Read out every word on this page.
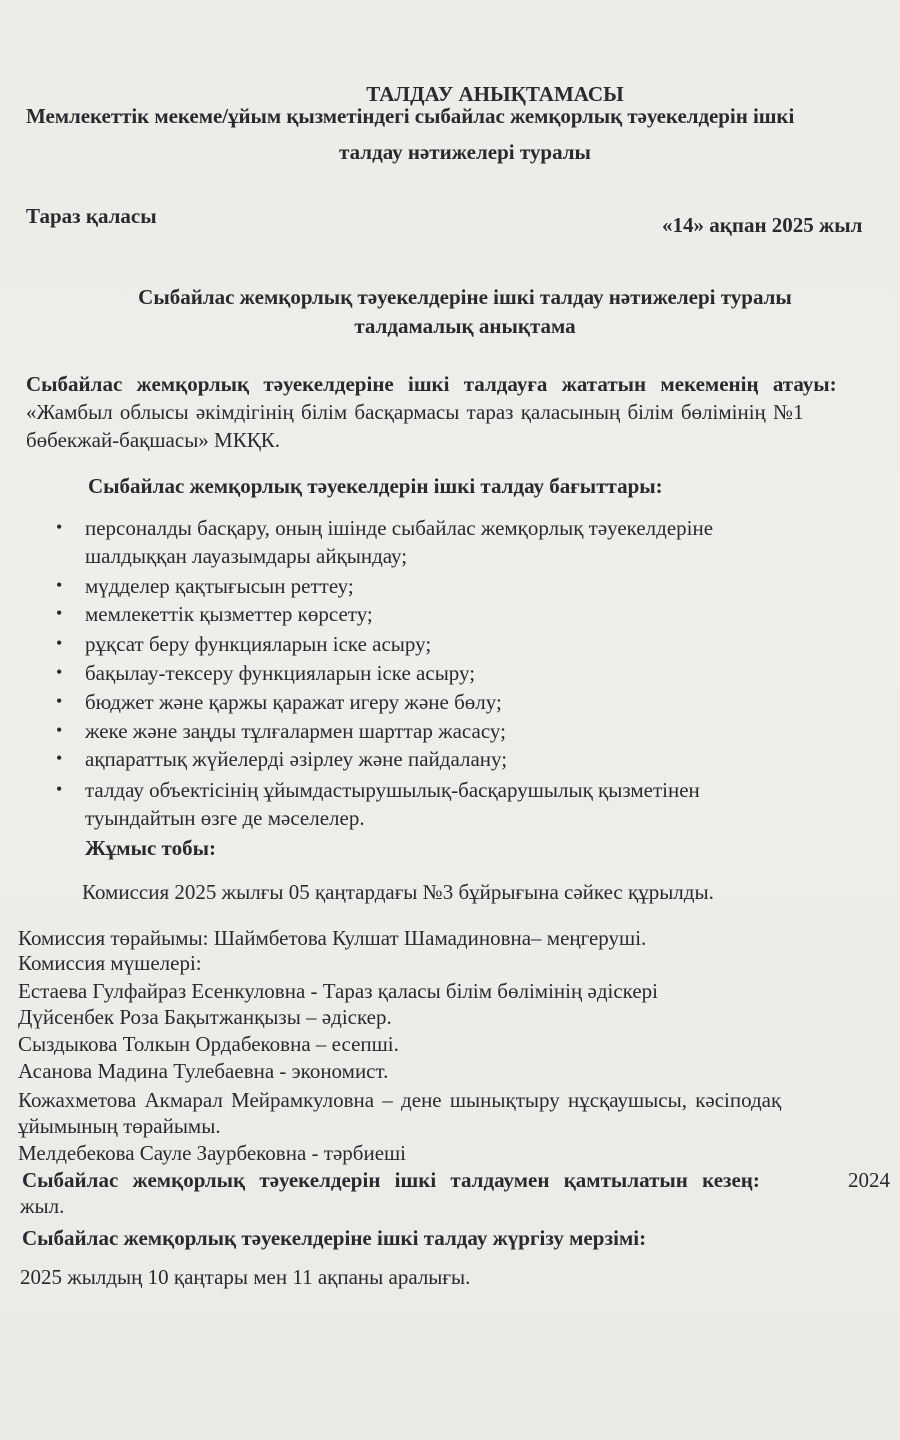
ТАЛДАУ АНЫҚТАМАСЫ
Мемлекеттік мекеме/ұйым қызметіндегі сыбайлас жемқорлық тәуекелдерін ішкі
талдау нәтижелері туралы
Тараз қаласы	«14» ақпан 2025 жыл
Сыбайлас жемқорлық тәуекелдеріне ішкі талдау нәтижелері туралы
талдамалық анықтама
Сыбайлас жемқорлық тәуекелдеріне ішкі талдауға жататын мекеменің атауы:
«Жамбыл облысы әкімдігінің білім басқармасы тараз қаласының білім бөлімінің №1
бөбекжай-бақшасы» МКҚК.
Сыбайлас жемқорлық тәуекелдерін ішкі талдау бағыттары:
• персоналды басқару, оның ішінде сыбайлас жемқорлық тәуекелдеріне
шалдыққан лауазымдары айқындау;
• мүдделер қақтығысын реттеу;
• мемлекеттік қызметтер көрсету;
• рұқсат беру функцияларын іске асыру;
• бақылау-тексеру функцияларын іске асыру;
• бюджет және қаржы қаражат игеру және бөлу;
• жеке және заңды тұлғалармен шарттар жасасу;
• ақпараттық жүйелерді әзірлеу және пайдалану;
• талдау объектісінің ұйымдастырушылық-басқарушылық қызметінен
туындайтын өзге де мәселелер.
Жұмыс тобы:
Комиссия 2025 жылғы 05 қаңтардағы №3 бұйрығына сәйкес құрылды.
Комиссия төрайымы: Шаймбетова Кулшат Шамадиновна– меңгеруші.
Комиссия мүшелері:
Естаева Гулфайраз Есенкуловна - Тараз қаласы білім бөлімінің әдіскері
Дүйсенбек Роза Бақытжанқызы – әдіскер.
Сыздыкова Толкын Ордабековна – есепші.
Асанова Мадина Тулебаевна - экономист.
Кожахметова Акмарал Мейрамкуловна – дене шынықтыру нұсқаушысы, кәсіподақ
ұйымының төрайымы.
Мелдебекова Сауле Заурбековна - тәрбиеші
Сыбайлас жемқорлық тәуекелдерін ішкі талдаумен қамтылатын кезең:	2024
жыл.
Сыбайлас жемқорлық тәуекелдеріне ішкі талдау жүргізу мерзімі:
2025 жылдың 10 қаңтары мен 11 ақпаны аралығы.
